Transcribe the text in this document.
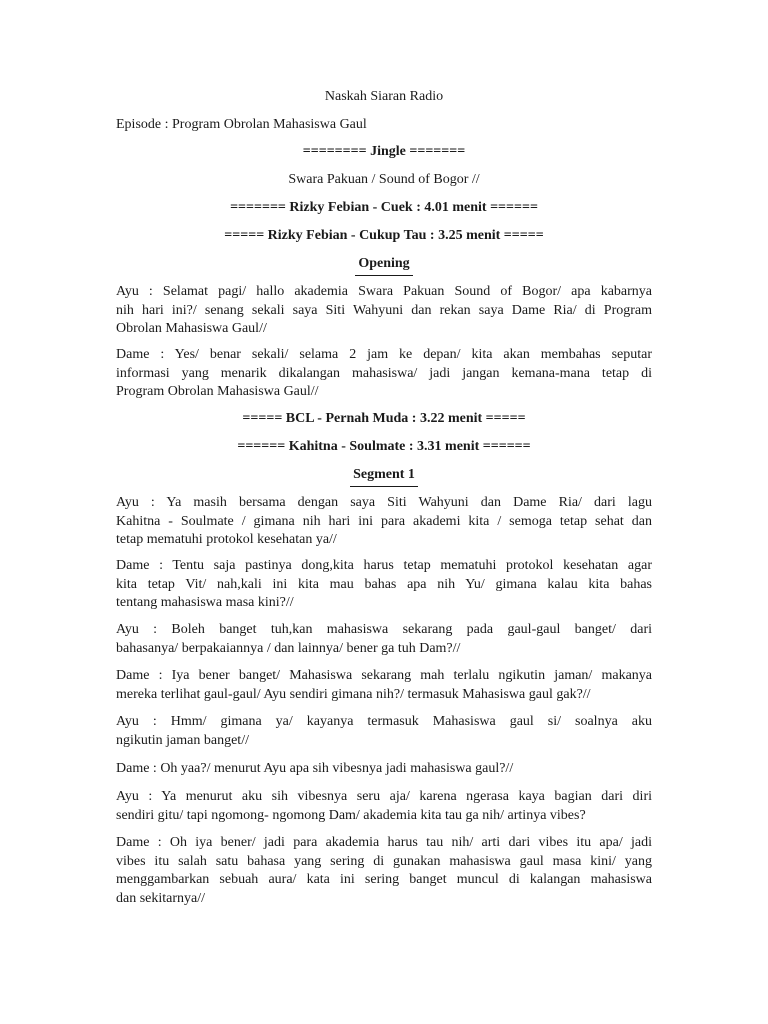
Naskah Siaran Radio
Episode : Program Obrolan Mahasiswa Gaul
======== Jingle =======
Swara Pakuan / Sound of Bogor //
======= Rizky Febian - Cuek : 4.01 menit ======
===== Rizky Febian - Cukup Tau : 3.25 menit =====
Opening
Ayu : Selamat pagi/ hallo akademia Swara Pakuan Sound of Bogor/ apa kabarnya
nih hari ini?/ senang sekali saya Siti Wahyuni dan rekan saya Dame Ria/ di Program
Obrolan Mahasiswa Gaul//
Dame : Yes/ benar sekali/ selama 2 jam ke depan/ kita akan membahas seputar
informasi yang menarik dikalangan mahasiswa/ jadi jangan kemana-mana tetap di
Program Obrolan Mahasiswa Gaul//
===== BCL - Pernah Muda : 3.22 menit =====
====== Kahitna - Soulmate : 3.31 menit ======
Segment 1
Ayu : Ya masih bersama dengan saya Siti Wahyuni dan Dame Ria/ dari lagu
Kahitna - Soulmate / gimana nih hari ini para akademi kita / semoga tetap sehat dan
tetap mematuhi protokol kesehatan ya//
Dame : Tentu saja pastinya dong,kita harus tetap mematuhi protokol kesehatan agar
kita tetap Vit/ nah,kali ini kita mau bahas apa nih Yu/ gimana kalau kita bahas
tentang mahasiswa masa kini?//
Ayu : Boleh banget tuh,kan mahasiswa sekarang pada gaul-gaul banget/ dari
bahasanya/ berpakaiannya / dan lainnya/ bener ga tuh Dam?//
Dame : Iya bener banget/ Mahasiswa sekarang mah terlalu ngikutin jaman/ makanya
mereka terlihat gaul-gaul/ Ayu sendiri gimana nih?/ termasuk Mahasiswa gaul gak?//
Ayu : Hmm/ gimana ya/ kayanya termasuk Mahasiswa gaul si/ soalnya aku
ngikutin jaman banget//
Dame : Oh yaa?/ menurut Ayu apa sih vibesnya jadi mahasiswa gaul?//
Ayu : Ya menurut aku sih vibesnya seru aja/ karena ngerasa kaya bagian dari diri
sendiri gitu/ tapi ngomong- ngomong Dam/ akademia kita tau ga nih/ artinya vibes?
Dame : Oh iya bener/ jadi para akademia harus tau nih/ arti dari vibes itu apa/ jadi
vibes itu salah satu bahasa yang sering di gunakan mahasiswa gaul masa kini/ yang
menggambarkan sebuah aura/ kata ini sering banget muncul di kalangan mahasiswa
dan sekitarnya//
